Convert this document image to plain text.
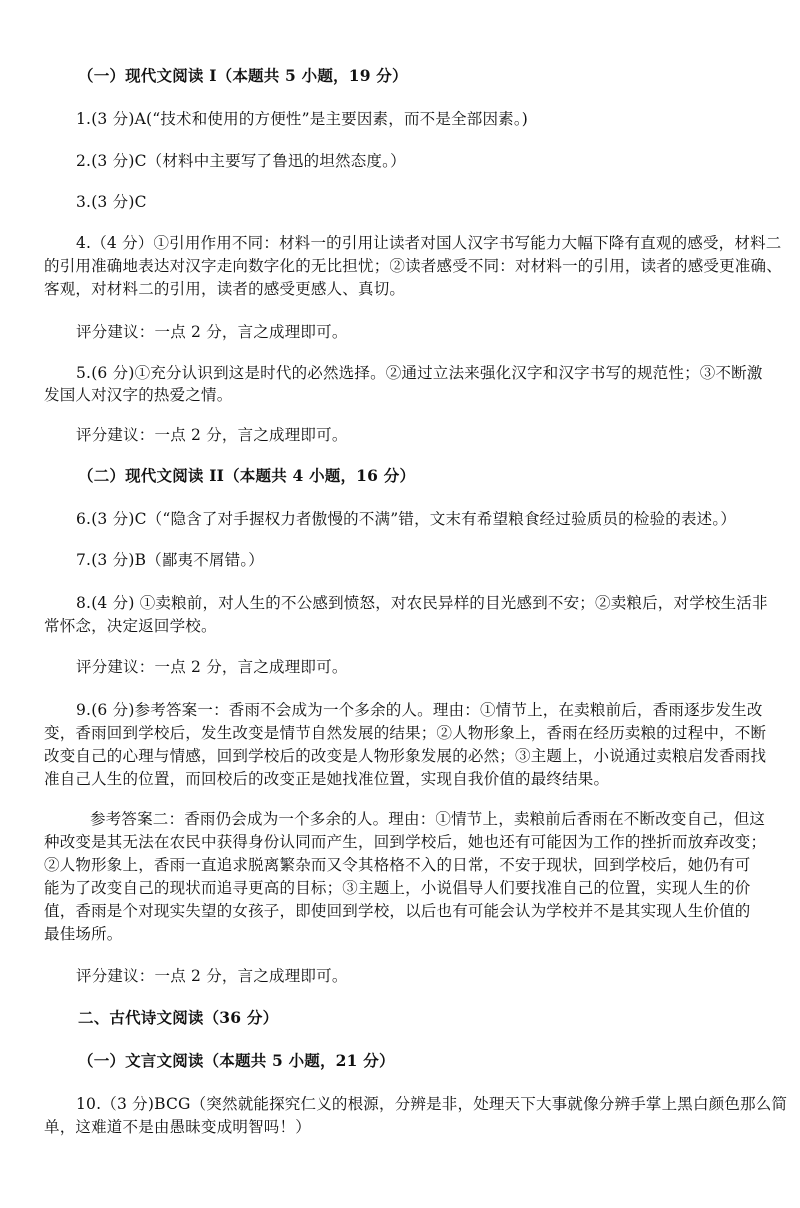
（一）现代文阅读 I（本题共 5 小题，19 分）

1.(3 分)A(“技术和使用的方便性”是主要因素，而不是全部因素。)

2.(3 分)C（材料中主要写了鲁迅的坦然态度。）

3.(3 分)C

4.（4 分）①引用作用不同：材料一的引用让读者对国人汉字书写能力大幅下降有直观的感受，材料二

的引用准确地表达对汉字走向数字化的无比担忧；②读者感受不同：对材料一的引用，读者的感受更准确、

客观，对材料二的引用，读者的感受更感人、真切。

评分建议：一点 2 分，言之成理即可。

5.(6 分)①充分认识到这是时代的必然选择。②通过立法来强化汉字和汉字书写的规范性；③不断激

发国人对汉字的热爱之情。

评分建议：一点 2 分，言之成理即可。

（二）现代文阅读 II（本题共 4 小题，16 分）

6.(3 分)C（“隐含了对手握权力者傲慢的不满”错，文末有希望粮食经过验质员的检验的表述。）

7.(3 分)B（鄙夷不屑错。）

8.(4 分) ①卖粮前，对人生的不公感到愤怒，对农民异样的目光感到不安；②卖粮后，对学校生活非

常怀念，决定返回学校。

评分建议：一点 2 分，言之成理即可。

9.(6 分)参考答案一：香雨不会成为一个多余的人。理由：①情节上，在卖粮前后，香雨逐步发生改

变，香雨回到学校后，发生改变是情节自然发展的结果；②人物形象上，香雨在经历卖粮的过程中，不断

改变自己的心理与情感，回到学校后的改变是人物形象发展的必然；③主题上，小说通过卖粮启发香雨找

准自己人生的位置，而回校后的改变正是她找准位置，实现自我价值的最终结果。

参考答案二：香雨仍会成为一个多余的人。理由：①情节上，卖粮前后香雨在不断改变自己，但这

种改变是其无法在农民中获得身份认同而产生，回到学校后，她也还有可能因为工作的挫折而放弃改变；

②人物形象上，香雨一直追求脱离繁杂而又令其格格不入的日常，不安于现状，回到学校后，她仍有可

能为了改变自己的现状而追寻更高的目标；③主题上，小说倡导人们要找准自己的位置，实现人生的价

值，香雨是个对现实失望的女孩子，即使回到学校，以后也有可能会认为学校并不是其实现人生价值的

最佳场所。

评分建议：一点 2 分，言之成理即可。

二、古代诗文阅读（36 分）

（一）文言文阅读（本题共 5 小题，21 分）

10.（3 分)BCG（突然就能探究仁义的根源，分辨是非，处理天下大事就像分辨手掌上黑白颜色那么简

单，这难道不是由愚昧变成明智吗！）
